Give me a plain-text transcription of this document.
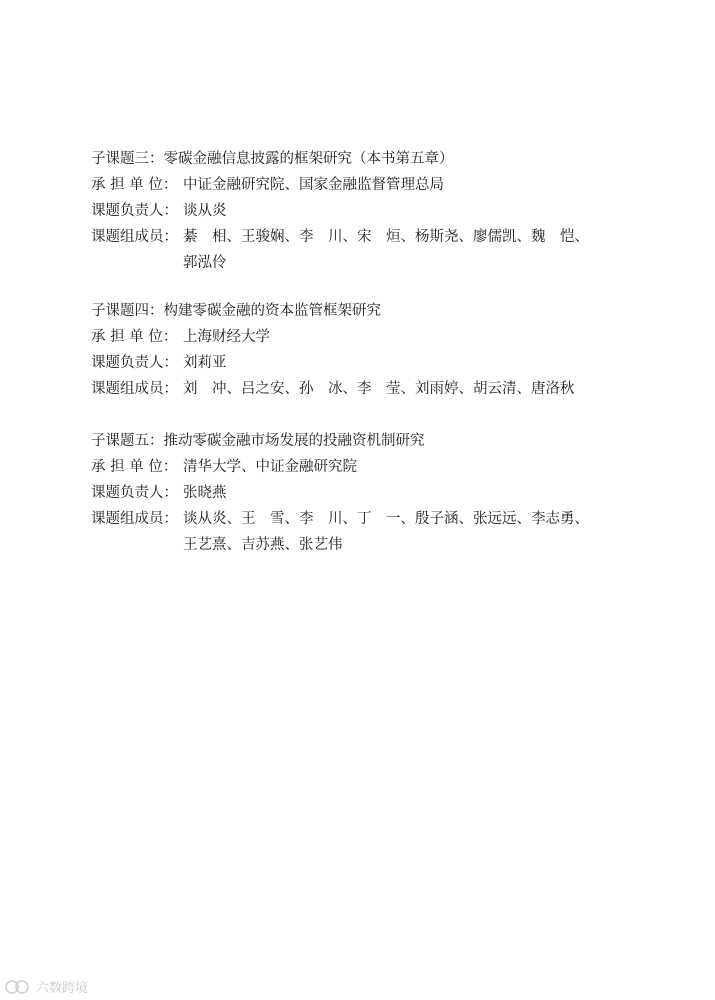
子课题三：零碳金融信息披露的框架研究（本书第五章）
承 担 单 位： 中证金融研究院、国家金融监督管理总局
课题负责人： 谈从炎
课题组成员： 綦　相、王骏娴、李　川、宋　烜、杨斯尧、廖儒凯、魏　恺、
郭泓伶
子课题四：构建零碳金融的资本监管框架研究
承 担 单 位： 上海财经大学
课题负责人： 刘莉亚
课题组成员： 刘　冲、吕之安、孙　冰、李　莹、刘雨婷、胡云清、唐洛秋
子课题五：推动零碳金融市场发展的投融资机制研究
承 担 单 位： 清华大学、中证金融研究院
课题负责人： 张晓燕
课题组成员： 谈从炎、王　雪、李　川、丁　一、殷子涵、张远远、李志勇、
王艺熹、吉苏燕、张艺伟
六数跨境
